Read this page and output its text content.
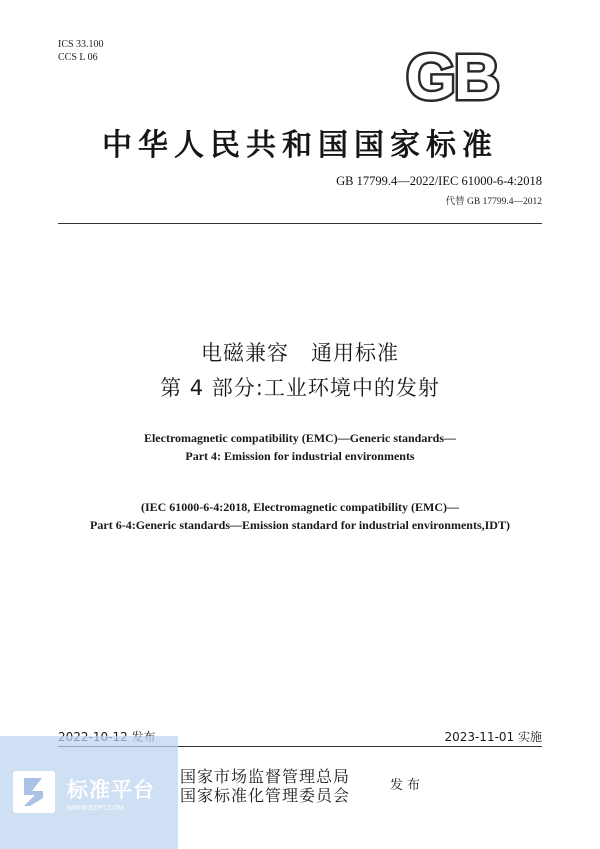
ICS 33.100
CCS L 06	GB
中华人民共和国国家标准
GB 17799.4—2022/IEC 61000-6-4:2018
代替 GB 17799.4—2012
电磁兼容　通用标准
第 4 部分:工业环境中的发射
Electromagnetic compatibility (EMC)—Generic standards—
Part 4: Emission for industrial environments
(IEC 61000-6-4:2018, Electromagnetic compatibility (EMC)—
Part 6-4:Generic standards—Emission standard for industrial environments,IDT)
2023-11-01 实施
国家市场监督管理总局
国家标准化管理委员会
发布
标准平台
WWW.BZPT.COM
